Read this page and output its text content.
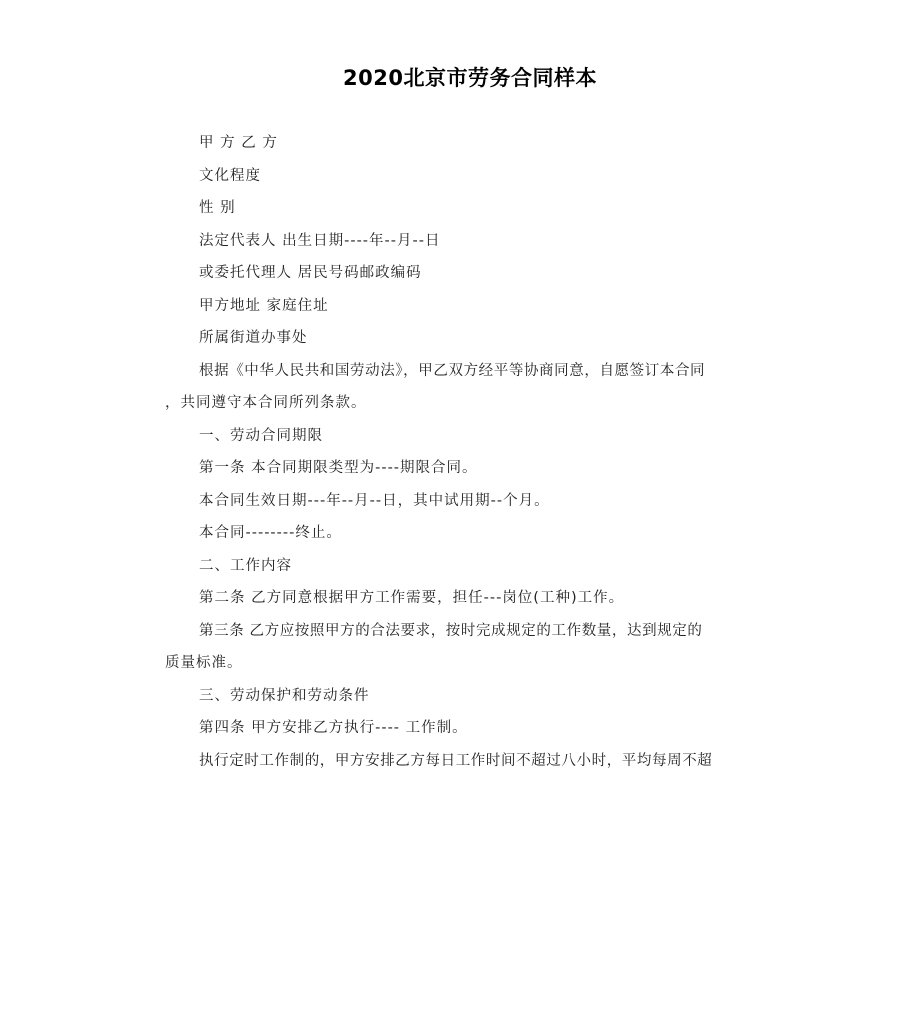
2020北京市劳务合同样本
甲 方 乙 方
文化程度
性 别
法定代表人 出生日期----年--月--日
或委托代理人 居民号码邮政编码
甲方地址 家庭住址
所属街道办事处
根据《中华人民共和国劳动法》，甲乙双方经平等协商同意，自愿签订本合同
，共同遵守本合同所列条款。
一、劳动合同期限
第一条 本合同期限类型为----期限合同。
本合同生效日期---年--月--日，其中试用期--个月。
本合同--------终止。
二、工作内容
第二条 乙方同意根据甲方工作需要，担任---岗位(工种)工作。
第三条 乙方应按照甲方的合法要求，按时完成规定的工作数量，达到规定的
质量标准。
三、劳动保护和劳动条件
第四条 甲方安排乙方执行---- 工作制。
执行定时工作制的，甲方安排乙方每日工作时间不超过八小时，平均每周不超
